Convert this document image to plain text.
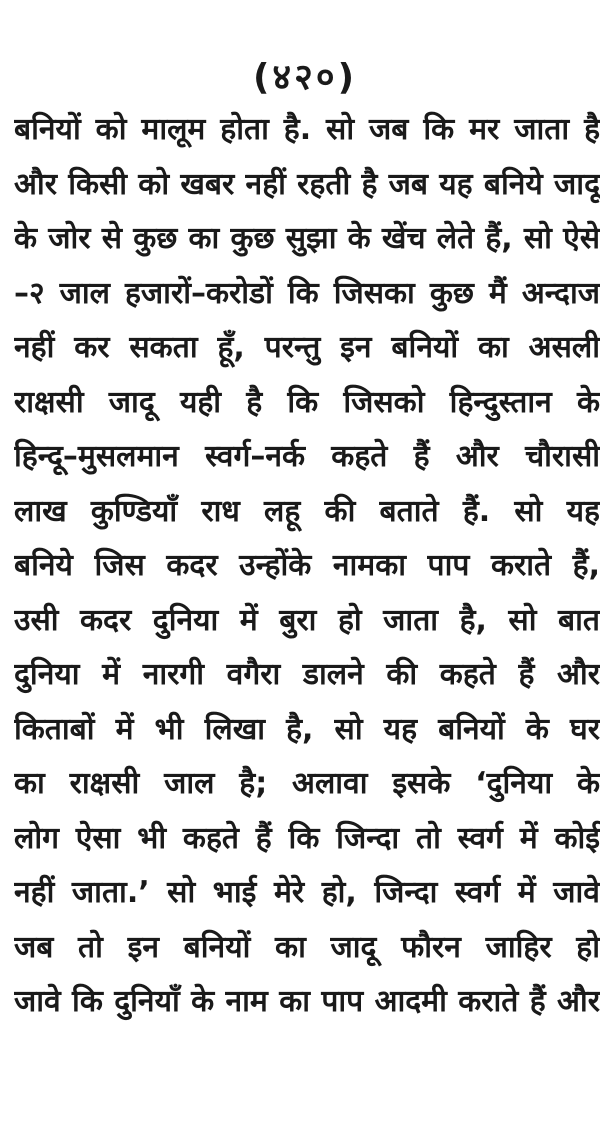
(४२०)
बनियों को मालूम होता है. सो जब कि मर जाता है
और किसी को खबर नहीं रहती है जब यह बनिये जादू
के जोर से कुछ का कुछ सुझा के खेंच लेते हैं, सो ऐसे
–२ जाल हजारों–करोडों कि जिसका कुछ मैं अन्दाज
नहीं कर सकता हूँ, परन्तु इन बनियों का असली
राक्षसी जादू यही है कि जिसको हिन्दुस्तान के
हिन्दू–मुसलमान स्वर्ग–नर्क कहते हैं और चौरासी
लाख कुण्डियाँ राध लहू की बताते हैं. सो यह
बनिये जिस कदर उन्होंके नामका पाप कराते हैं,
उसी कदर दुनिया में बुरा हो जाता है, सो बात
दुनिया में नारगी वगैरा डालने की कहते हैं और
किताबों में भी लिखा है, सो यह बनियों के घर
का राक्षसी जाल है; अलावा इसके ‘दुनिया के
लोग ऐसा भी कहते हैं कि जिन्दा तो स्वर्ग में कोई
नहीं जाता.’ सो भाई मेरे हो, जिन्दा स्वर्ग में जावे
जब तो इन बनियों का जादू फौरन जाहिर हो
जावे कि दुनियाँ के नाम का पाप आदमी कराते हैं और
